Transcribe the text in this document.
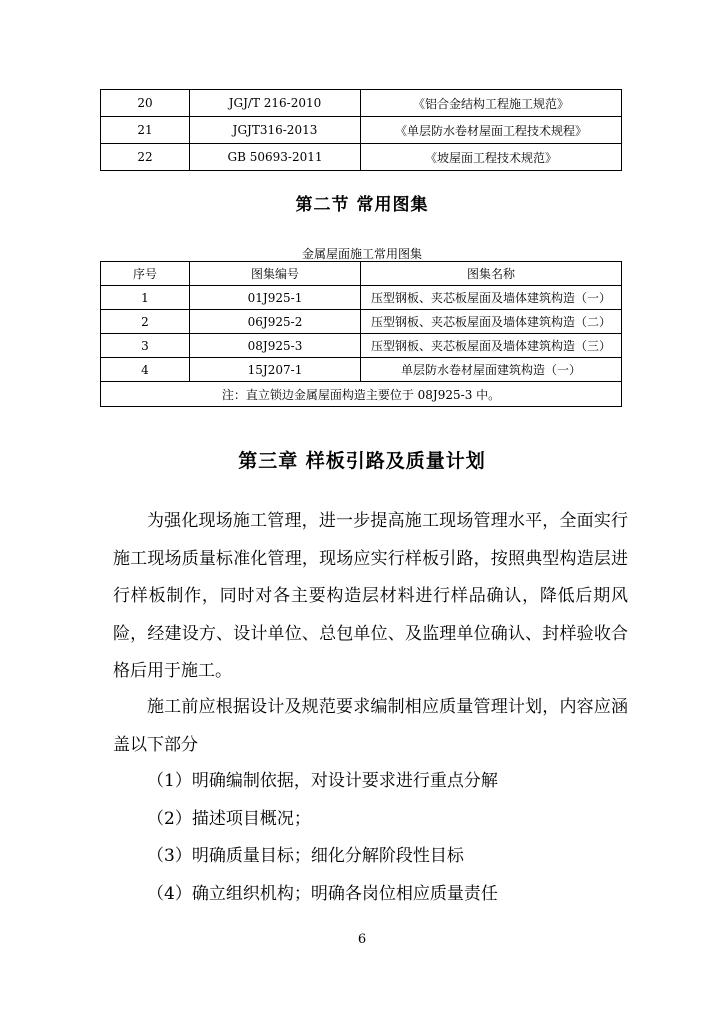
20	JGJ/T 216-2010	《铝合金结构工程施工规范》
21	JGJT316-2013	《单层防水卷材屋面工程技术规程》
22	GB 50693-2011	《坡屋面工程技术规范》
第二节 常用图集
金属屋面施工常用图集
序号	图集编号	图集名称
1	01J925-1	压型钢板、夹芯板屋面及墙体建筑构造（一）
2	06J925-2	压型钢板、夹芯板屋面及墙体建筑构造（二）
3	08J925-3	压型钢板、夹芯板屋面及墙体建筑构造（三）
4	15J207-1	单层防水卷材屋面建筑构造（一）
注：直立锁边金属屋面构造主要位于 08J925-3 中。		
第三章 样板引路及质量计划

为强化现场施工管理，进一步提高施工现场管理水平，全面实行施工现场质量标准化管理，现场应实行样板引路，按照典型构造层进行样板制作，同时对各主要构造层材料进行样品确认，降低后期风险，经建设方、设计单位、总包单位、及监理单位确认、封样验收合格后用于施工。

施工前应根据设计及规范要求编制相应质量管理计划，内容应涵盖以下部分

（1）明确编制依据，对设计要求进行重点分解
（2）描述项目概况；
（3）明确质量目标；细化分解阶段性目标
（4）确立组织机构；明确各岗位相应质量责任
6
